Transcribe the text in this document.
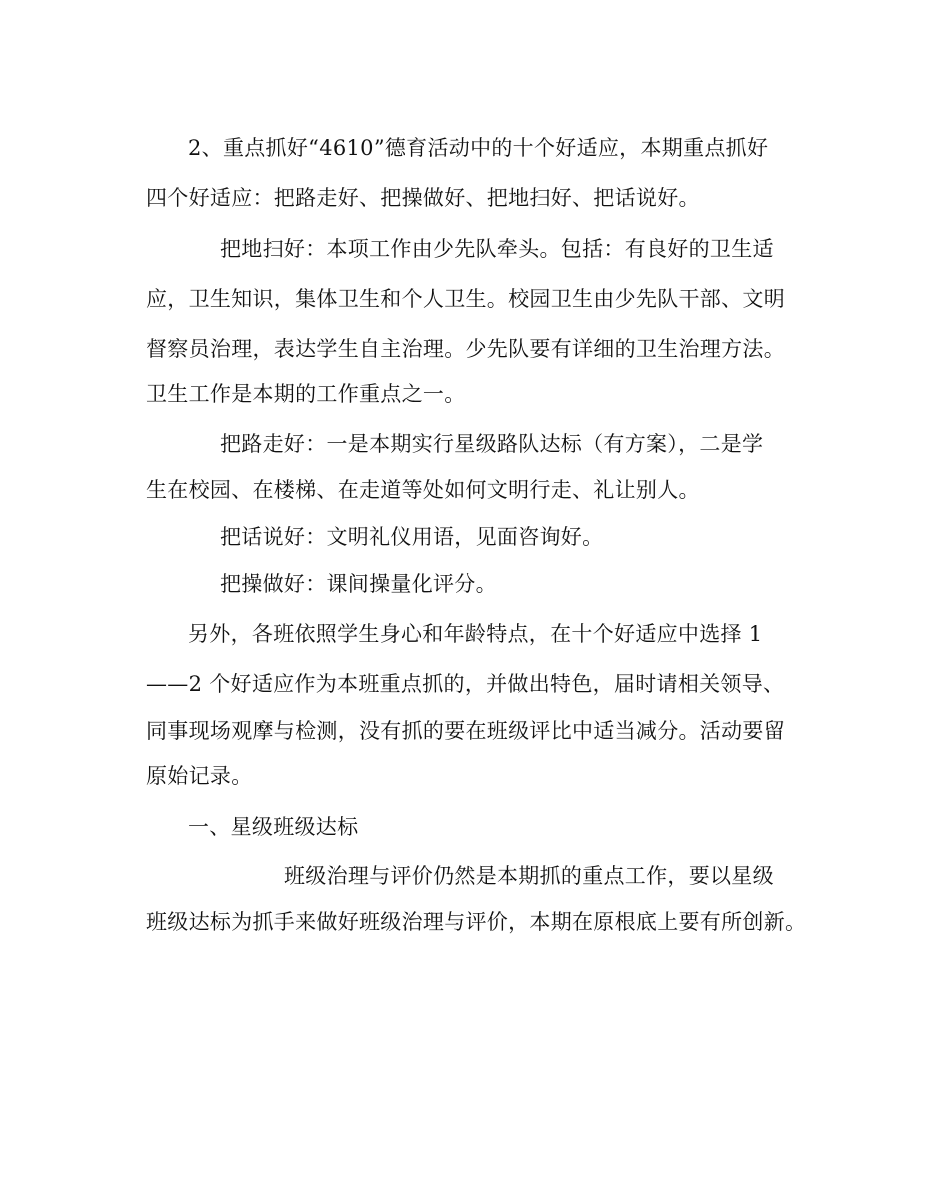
2、重点抓好“4610”德育活动中的十个好适应，本期重点抓好
四个好适应：把路走好、把操做好、把地扫好、把话说好。
把地扫好：本项工作由少先队牵头。包括：有良好的卫生适
应，卫生知识，集体卫生和个人卫生。校园卫生由少先队干部、文明
督察员治理，表达学生自主治理。少先队要有详细的卫生治理方法。
卫生工作是本期的工作重点之一。
把路走好：一是本期实行星级路队达标（有方案），二是学
生在校园、在楼梯、在走道等处如何文明行走、礼让别人。
把话说好：文明礼仪用语，见面咨询好。
把操做好：课间操量化评分。
另外，各班依照学生身心和年龄特点，在十个好适应中选择 1
——2 个好适应作为本班重点抓的，并做出特色，届时请相关领导、
同事现场观摩与检测，没有抓的要在班级评比中适当减分。活动要留
原始记录。
一、星级班级达标
班级治理与评价仍然是本期抓的重点工作，要以星级
班级达标为抓手来做好班级治理与评价，本期在原根底上要有所创新。
